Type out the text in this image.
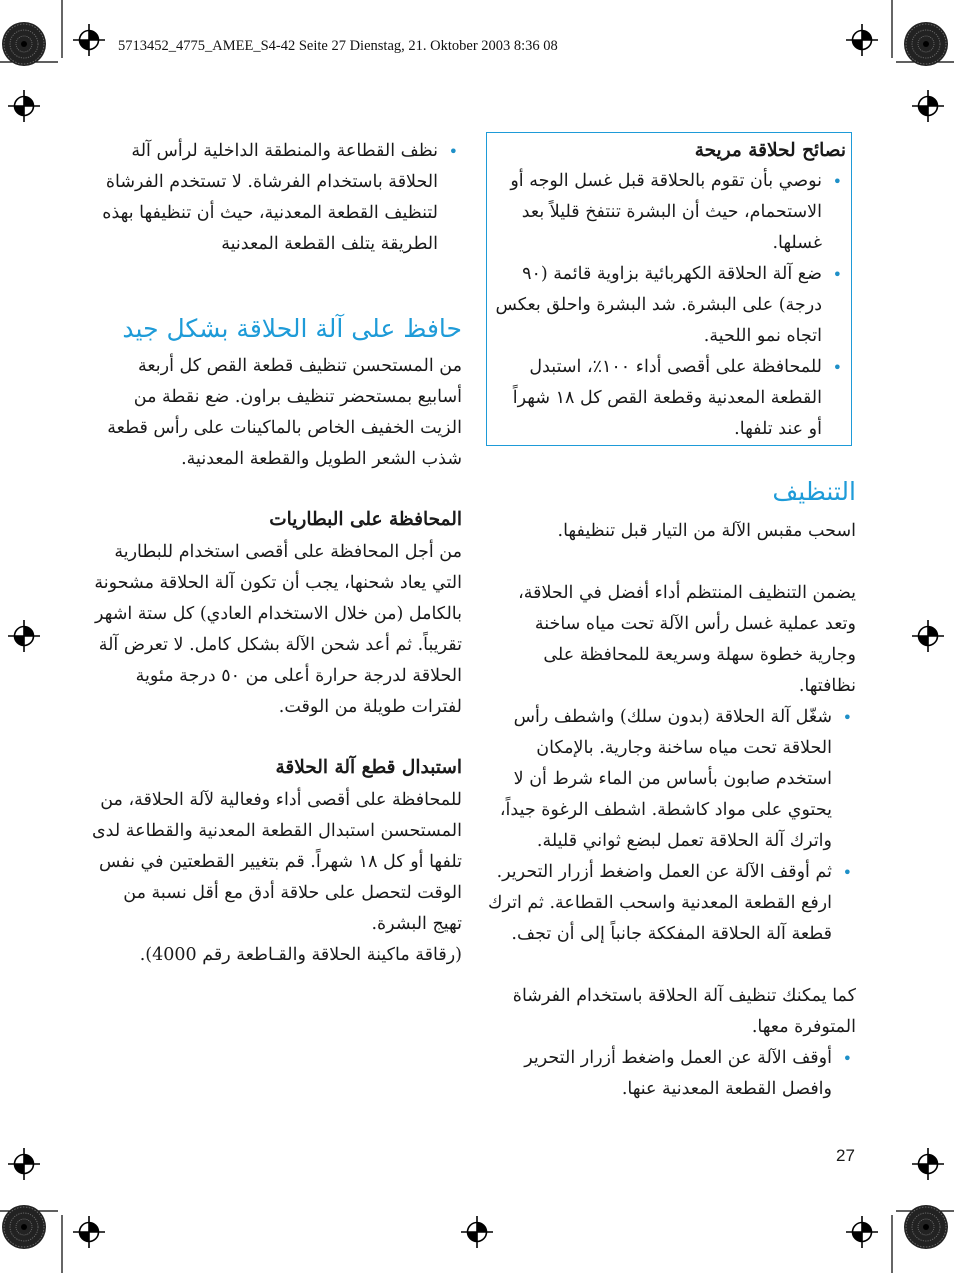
5713452_4775_AMEE_S4-42 Seite 27 Dienstag, 21. Oktober 2003 8:36 08
•
نظف القطاعة والمنطقة الداخلية لرأس آلة الحلاقة باستخدام الفرشاة. لا تستخدم الفرشاة لتنظيف القطعة المعدنية، حيث أن تنظيفها بهذه الطريقة يتلف القطعة المعدنية
حافظ على آلة الحلاقة بشكل جيد

من المستحسن تنظيف قطعة القص كل أربعة أسابيع بمستحضر تنظيف براون. ضع نقطة من الزيت الخفيف الخاص بالماكينات على رأس قطعة شذب الشعر الطويل والقطعة المعدنية.

المحافظة على البطاريات

من أجل المحافظة على أقصى استخدام للبطارية التي يعاد شحنها، يجب أن تكون آلة الحلاقة مشحونة بالكامل (من خلال الاستخدام العادي) كل ستة اشهر تقريباً. ثم أعد شحن الآلة بشكل كامل. لا تعرض آلة الحلاقة لدرجة حرارة أعلى من ٥٠ درجة مئوية لفترات طويلة من الوقت.

استبدال قطع آلة الحلاقة

للمحافظة على أقصى أداء وفعالية لآلة الحلاقة، من المستحسن استبدال القطعة المعدنية والقطاعة لدى تلفها أو كل ١٨ شهراً. قم بتغيير القطعتين في نفس الوقت لتحصل على حلاقة أدق مع أقل نسبة من تهيج البشرة.

(رقاقة ماكينة الحلاقة والقـاطعة رقم 4000).

نصائح لحلاقة مريحة
•
نوصي بأن تقوم بالحلاقة قبل غسل الوجه أو الاستحمام، حيث أن البشرة تنتفخ قليلاً بعد غسلها.
•
ضع آلة الحلاقة الكهربائية بزاوية قائمة (٩٠ درجة) على البشرة. شد البشرة واحلق بعكس اتجاه نمو اللحية.
•
للمحافظة على أقصى أداء ١٠٠٪، استبدل القطعة المعدنية وقطعة القص كل ١٨ شهراً أو عند تلفها.
التنظيف

اسحب مقبس الآلة من التيار قبل تنظيفها.

يضمن التنظيف المنتظم أداء أفضل في الحلاقة، وتعد عملية غسل رأس الآلة تحت مياه ساخنة وجارية خطوة سهلة وسريعة للمحافظة على نظافتها.

•
شغّل آلة الحلاقة (بدون سلك) واشطف رأس الحلاقة تحت مياه ساخنة وجارية. بالإمكان استخدم صابون بأساس من الماء شرط أن لا يحتوي على مواد كاشطة. اشطف الرغوة جيداً، واترك آلة الحلاقة تعمل لبضع ثواني قليلة.
•
ثم أوقف الآلة عن العمل واضغط أزرار التحرير. ارفع القطعة المعدنية واسحب القطاعة. ثم اترك قطعة آلة الحلاقة المفككة جانباً إلى أن تجف.

كما يمكنك تنظيف آلة الحلاقة باستخدام الفرشاة المتوفرة معها.

•
أوقف الآلة عن العمل واضغط أزرار التحرير وافصل القطعة المعدنية عنها.
27
